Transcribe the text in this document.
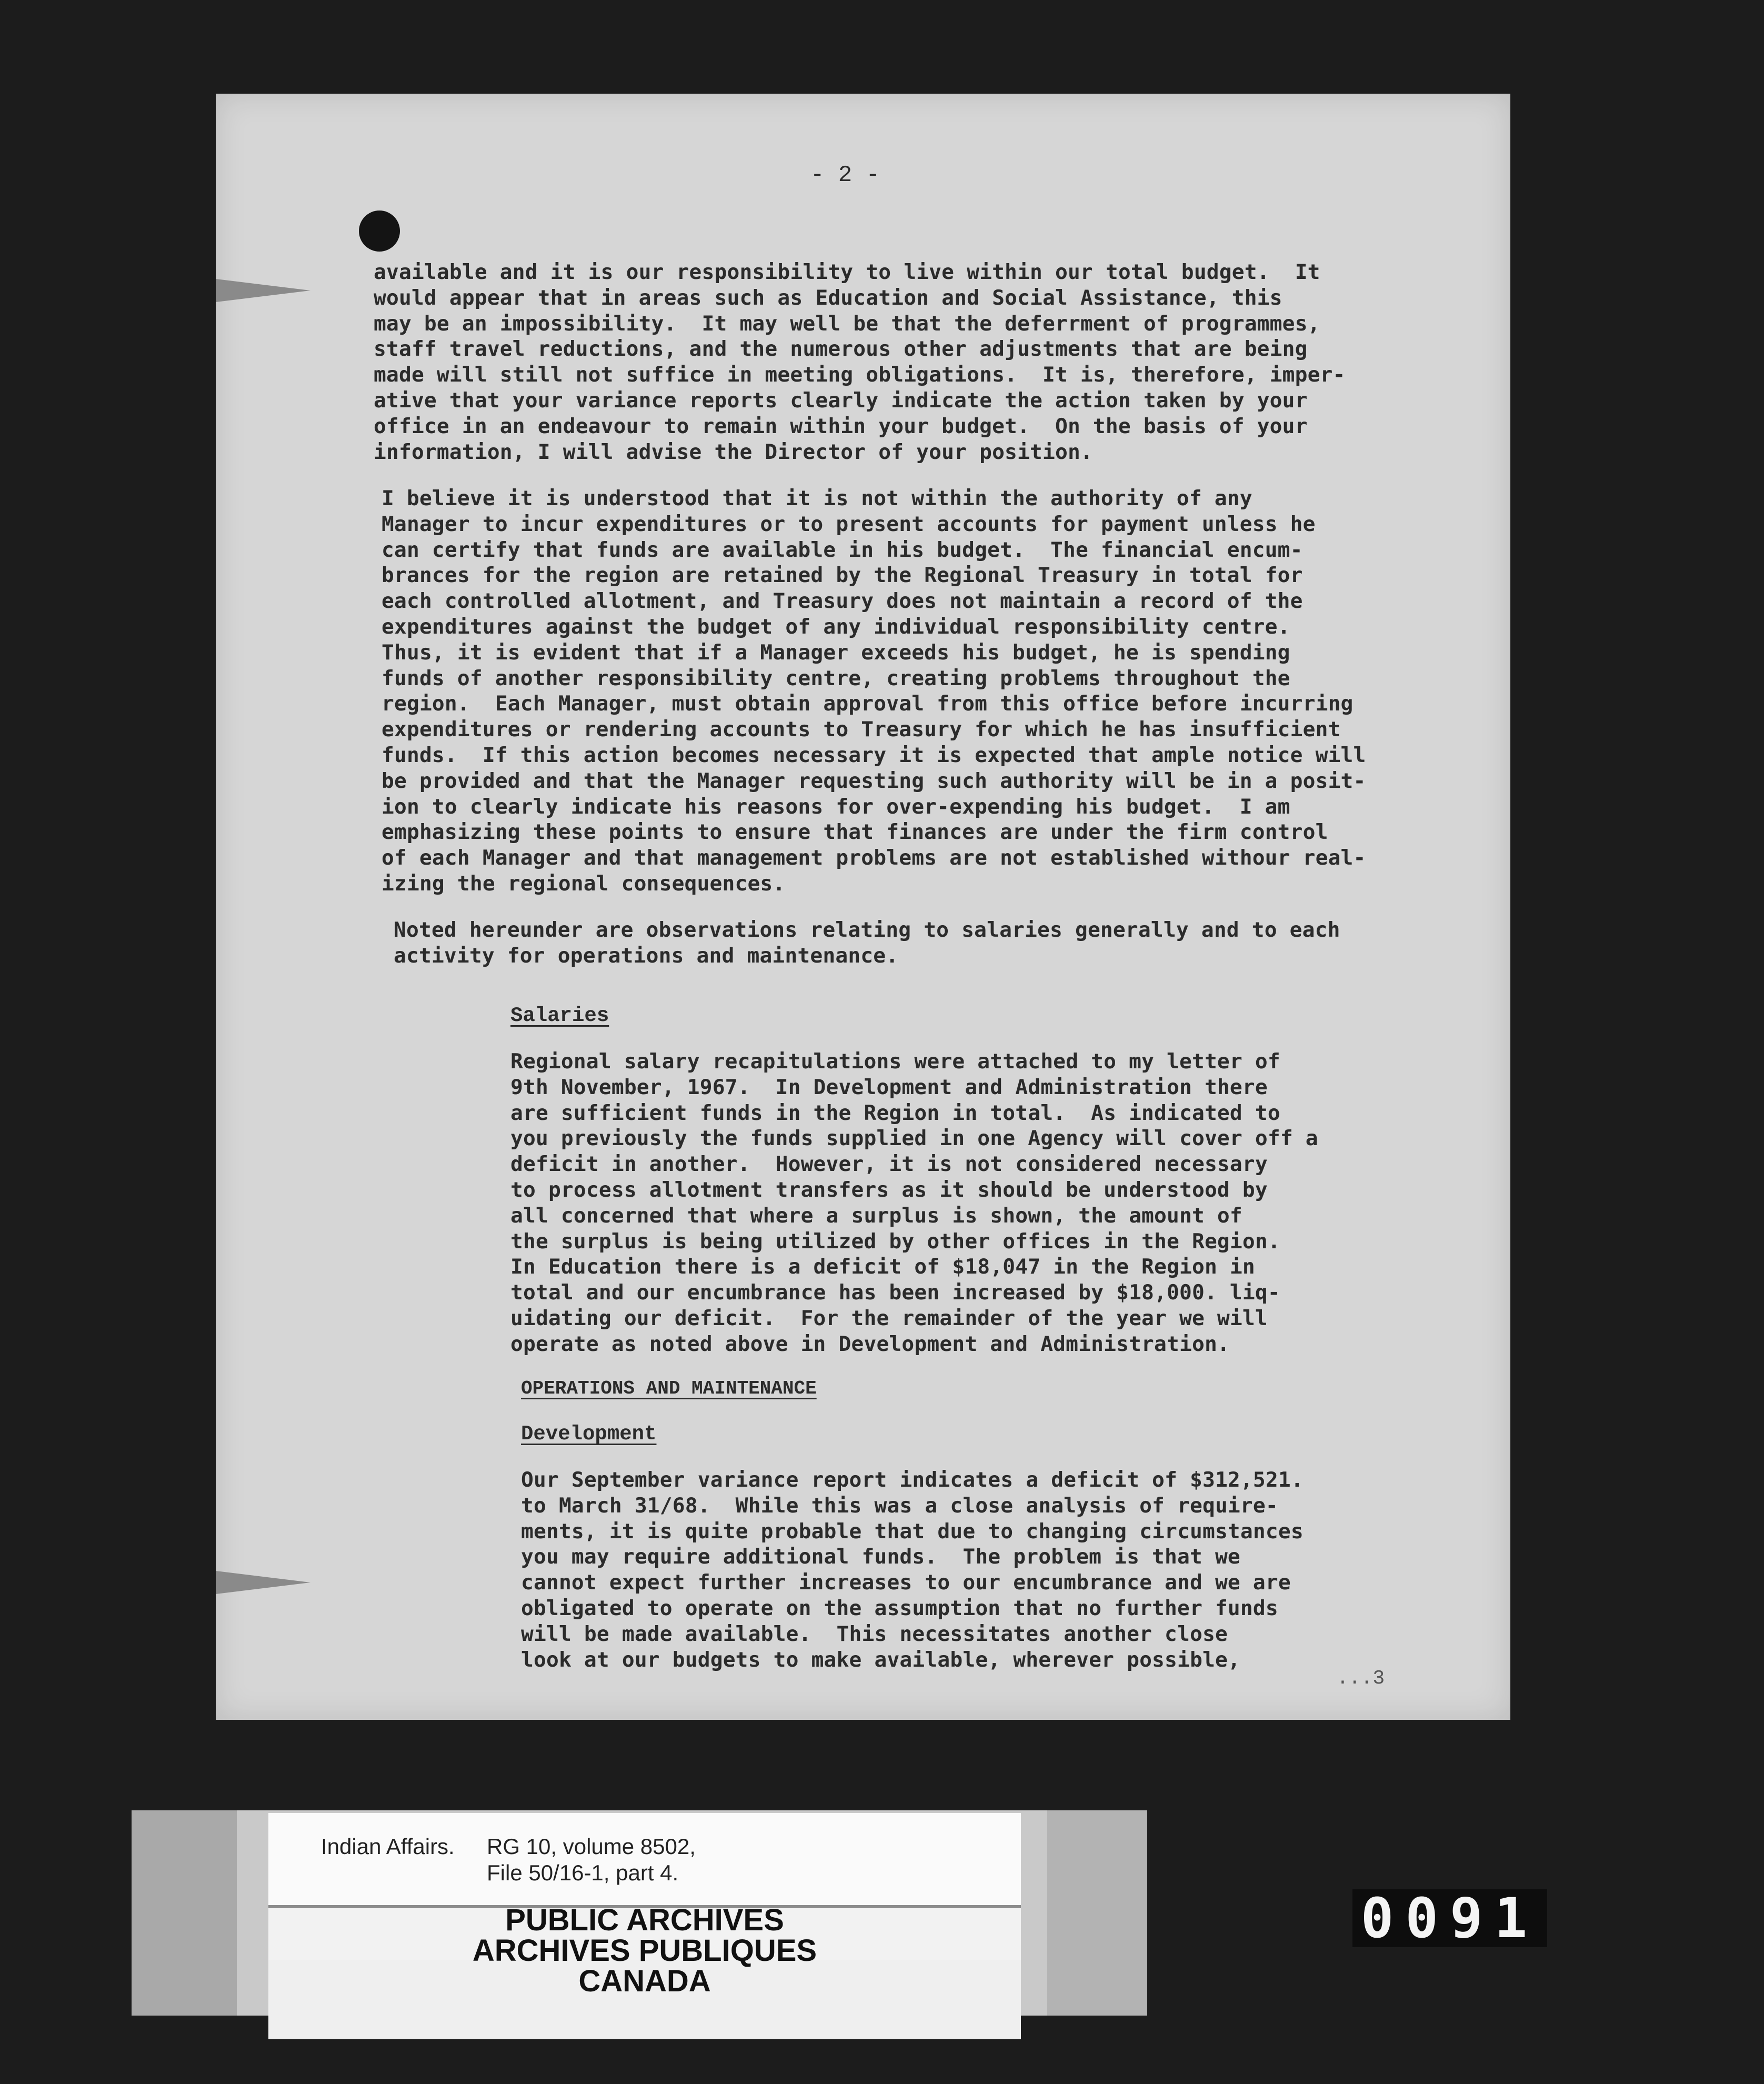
- 2 -
available and it is our responsibility to live within our total budget.  It
would appear that in areas such as Education and Social Assistance, this
may be an impossibility.  It may well be that the deferrment of programmes,
staff travel reductions, and the numerous other adjustments that are being
made will still not suffice in meeting obligations.  It is, therefore, imper-
ative that your variance reports clearly indicate the action taken by your
office in an endeavour to remain within your budget.  On the basis of your
information, I will advise the Director of your position.
I believe it is understood that it is not within the authority of any
Manager to incur expenditures or to present accounts for payment unless he
can certify that funds are available in his budget.  The financial encum-
brances for the region are retained by the Regional Treasury in total for
each controlled allotment, and Treasury does not maintain a record of the
expenditures against the budget of any individual responsibility centre.
Thus, it is evident that if a Manager exceeds his budget, he is spending
funds of another responsibility centre, creating problems throughout the
region.  Each Manager, must obtain approval from this office before incurring
expenditures or rendering accounts to Treasury for which he has insufficient
funds.  If this action becomes necessary it is expected that ample notice will
be provided and that the Manager requesting such authority will be in a posit-
ion to clearly indicate his reasons for over-expending his budget.  I am
emphasizing these points to ensure that finances are under the firm control
of each Manager and that management problems are not established withour real-
izing the regional consequences.
Noted hereunder are observations relating to salaries generally and to each
activity for operations and maintenance.
Salaries
Regional salary recapitulations were attached to my letter of
9th November, 1967.  In Development and Administration there
are sufficient funds in the Region in total.  As indicated to
you previously the funds supplied in one Agency will cover off a
deficit in another.  However, it is not considered necessary
to process allotment transfers as it should be understood by
all concerned that where a surplus is shown, the amount of
the surplus is being utilized by other offices in the Region.
In Education there is a deficit of $18,047 in the Region in
total and our encumbrance has been increased by $18,000. liq-
uidating our deficit.  For the remainder of the year we will
operate as noted above in Development and Administration.
OPERATIONS AND MAINTENANCE
Development
Our September variance report indicates a deficit of $312,521.
to March 31/68.  While this was a close analysis of require-
ments, it is quite probable that due to changing circumstances
you may require additional funds.  The problem is that we
cannot expect further increases to our encumbrance and we are
obligated to operate on the assumption that no further funds
will be made available.  This necessitates another close
look at our budgets to make available, wherever possible,
...3

Indian Affairs. RG 10, volume 8502,

File 50/16-1, part 4.

PUBLIC ARCHIVES

ARCHIVES PUBLIQUES

CANADA

0091
